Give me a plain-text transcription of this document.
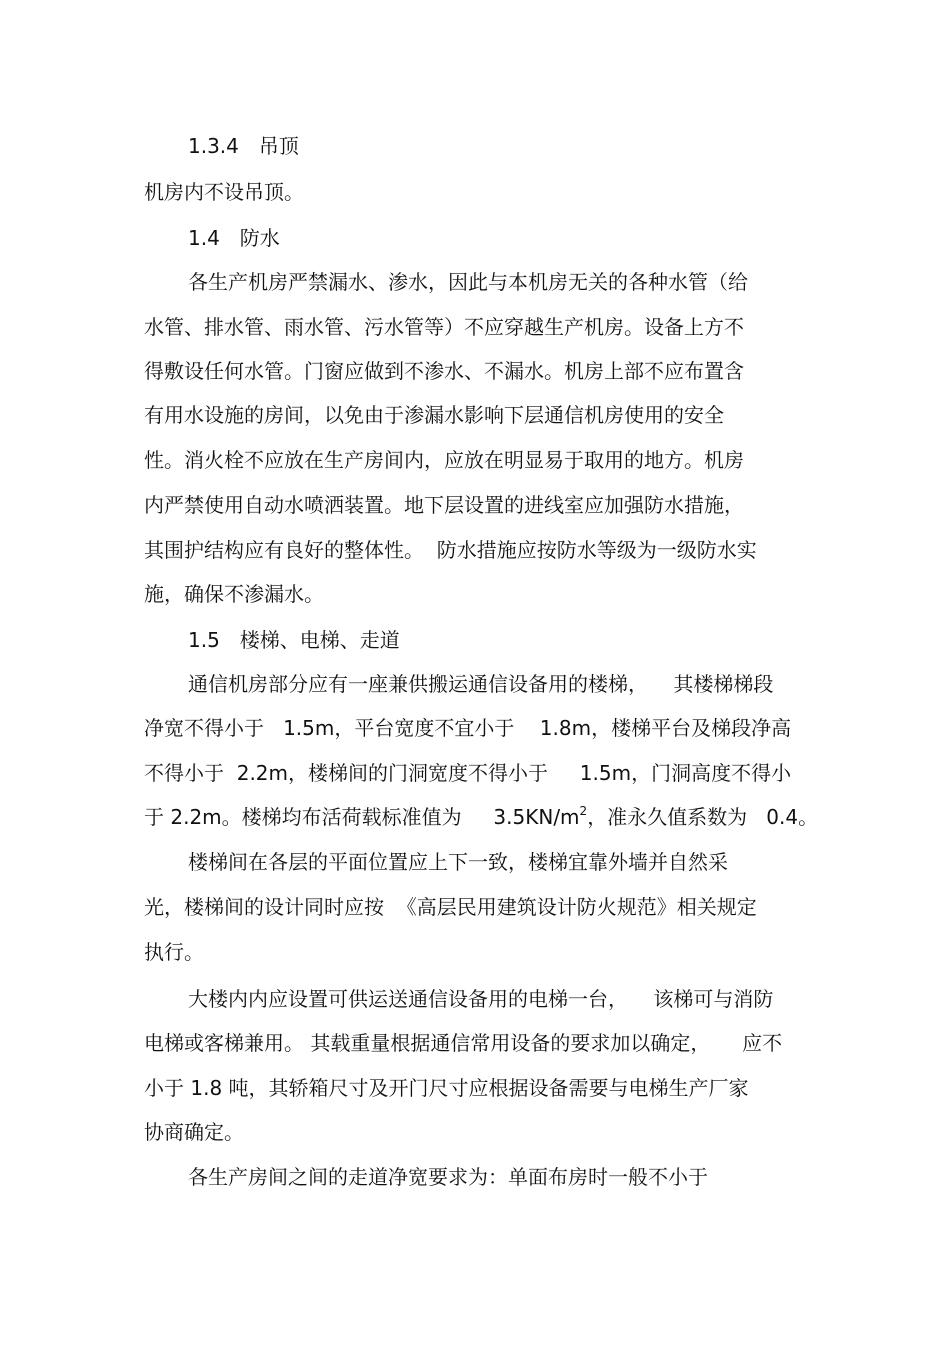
1.3.4　吊顶
机房内不设吊顶。
1.4　防水
各生产机房严禁漏水、渗水，因此与本机房无关的各种水管（给
水管、排水管、雨水管、污水管等）不应穿越生产机房。设备上方不
得敷设任何水管。门窗应做到不渗水、不漏水。机房上部不应布置含
有用水设施的房间，以免由于渗漏水影响下层通信机房使用的安全
性。消火栓不应放在生产房间内，应放在明显易于取用的地方。机房
内严禁使用自动水喷洒装置。地下层设置的进线室应加强防水措施，
其围护结构应有良好的整体性。  防水措施应按防水等级为一级防水实
施，确保不渗漏水。
1.5　楼梯、电梯、走道
通信机房部分应有一座兼供搬运通信设备用的楼梯，    其楼梯梯段
净宽不得小于   1.5m，平台宽度不宜小于    1.8m，楼梯平台及梯段净高
不得小于  2.2m，楼梯间的门洞宽度不得小于     1.5m，门洞高度不得小
于 2.2m。楼梯均布活荷载标准值为     $3.5KN/m^2$，准永久值系数为   0.4。
楼梯间在各层的平面位置应上下一致，楼梯宜靠外墙并自然采
光，楼梯间的设计同时应按  《高层民用建筑设计防火规范》相关规定
执行。
大楼内内应设置可供运送通信设备用的电梯一台，    该梯可与消防
电梯或客梯兼用。 其载重量根据通信常用设备的要求加以确定，     应不
小于 1.8 吨，其轿箱尺寸及开门尺寸应根据设备需要与电梯生产厂家
协商确定。
各生产房间之间的走道净宽要求为：单面布房时一般不小于
